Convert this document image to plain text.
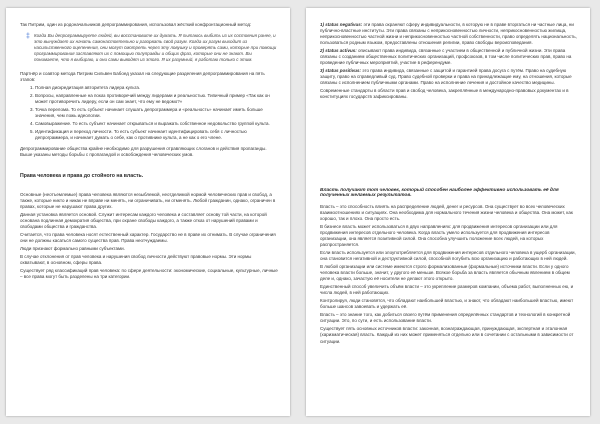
Так Питрим, один из родоначальников депрограммирования, использовал жёсткий конфронтационный метод:

‡ Когда Вы депрограммируете людей, вы восстановите их думать. Я пытаюсь выбить из их состояния ранее, и это вынуждает их начать самонастоятельно и разорвать свой разум. Когда их разум выходит из насильственного оцепенения, они могут смотреть через эту ловушку и проверять сами, которые при помощи программирования заставляют их с помощью полуправды и общих фраз, которые они не знают. Вы понимаете, что я выбираю, и они сами выводят из этого. Я их разумный, я работаю только с этим.

Партнёр и соавтор метода Питрим Сильвен Бабоед указал на следующие разделения депрограммирования на пять этапов:

1. Полная дискредитация авторитета лидера культа.
2. Вопросы, направленные на показ противоречий между лидерами и реальностью. Типичный пример «Так как он может противоречить лидеру, если он сам знает, что ему не ведомо?»
3. Точка перелома. То есть субъект начинает слушать депрограммера и «реальность» начинает иметь больше значения, чем ложь идеологии.
4. Самовыражение. То есть субъект начинает открываться и выражать собственное недовольство группой культа.
5. Идентификация и переход личности. То есть субъект начинает идентифицировать себя с личностью депрограммера, и начинает думать о себе, как о противнике культа, а не как о его члене.

Депрограммирование общества крайне необходимо для разрушения отравляющих слоганов и действия пропаганды. Выше указаны методы борьбы с пропагандой и освобождения человеческих умов.

Права человека и права до стойного на власть.

Основные (неотъемлемые) права человека являются незыблемой, неотделимой нормой человеческих прав и свобод, а также, которые никто и никак не вправе ни менять, ни ограничивать, ни отменять. Любой гражданин, однако, ограничен в правах, которые не нарушают права других.

Данная установка является основой. Служит интересам каждого человека и составляет основу той части, на которой основана подлинная демократия общества, при охране свободы каждого, а также отказ от нарушений правами и свободами общества и гражданства.

Считается, что права человека носят естественный характер. Государство не в праве их отнимать. В случае ограничения они не должны касаться самого существа прав. Права неотчуждаемы.

Люди признают формально равными субъектами.

В случае отклонения от прав человека и нарушения свобод личности действуют правовые нормы. Эти нормы охватывают, в основном, сферы права.

Существует ряд классификаций прав человека: по сфере деятельности: экономические, социальные, культурные, личные – все права могут быть разделены на три категории.

1) status negativus: эти права охраняют сферу индивидуальности, в которую не в праве вторгаться ни частные лица, ни публично-властные институты. Эти права связаны с неприкосновенностью личности, неприкосновенностью жилища, неприкосновенностью частной жизни и неприкосновенностью частной собственности, право определять национальность, пользоваться родным языком, предоставлены отношения религии, право свободы вероисповедания.

2) status activus: описывают права индивида, связанные с участием в общественной и публичной жизни. Эти права связаны с созданием общественных политических организаций, профсоюзов, в том числе политических прав, право на проведение публичных мероприятий, участие в референдуме.

3) status positivus: это права индивида, связанные с защитой и гарантией права досуга с путём. Право на судебную защиту, право на справедливый суд. Право судебной проверки и права на принадлежащие ему, на отношения, которые связаны с исполнением публичными органами. Право на исполнение лечения и достойное качество медицины.

Современные стандарты в области прав и свобод человека, закреплённые в международно-правовых документах и в конституциях государств зафиксированы.

Власть получают тот человек, который способен наиболее эффективно использовать её для полученных желаемых результатов.

Власть – это способность влиять на распределение людей, денег и ресурсов. Она существует во всех человеческих взаимоотношениях и ситуациях. Она необходима для нормального течения жизни человека и общества. Она может, как хорошо, так и плохо. Она просто есть.

В бизнесе власть может использоваться в двух направлениях: для продвижения интересов организации или для продвижения интересов отдельного человека. Когда власть умело используется для продвижения интересов организации, она является позитивной силой. Она способна улучшить положение всех людей, на которых распространяется.

Если власть используется или злоупотребляется для продвижения интересов отдельного человека в ущерб организации, она становится негативной и деструктивной силой, способной погубить всю организацию и работающих в ней людей.

В любой организации или системе имеются строго формализованные (формальные) источники власти. Если у одного человека власти больше, значит, у другого её меньше. Всякое борьба за власть является обычным явлением в общем деле и, однако, зачастую её носители не делают этого открыто.

Единственный способ увеличить объём власти – это укрепление размеров компании, объема работ, выполненных ею, и числа людей, в ней работающих.

Контролируя, люди становятся, что обладают наибольшей властью, и знают, что обладают наибольшей властью, имеют больше шансов завоевать и удержать её.

Власть – это знание того, как добиться своего путём применения определённых стандартов и технологий в конкретной ситуации. Это, по сути, и есть использование власти.

Существует пять основных источников власти: законная, вознаграждающая, принуждающая, экспертная и эталонная (харизматическая) власть. Каждый из них может применяться отдельно или в сочетании с остальными в зависимости от ситуации.
